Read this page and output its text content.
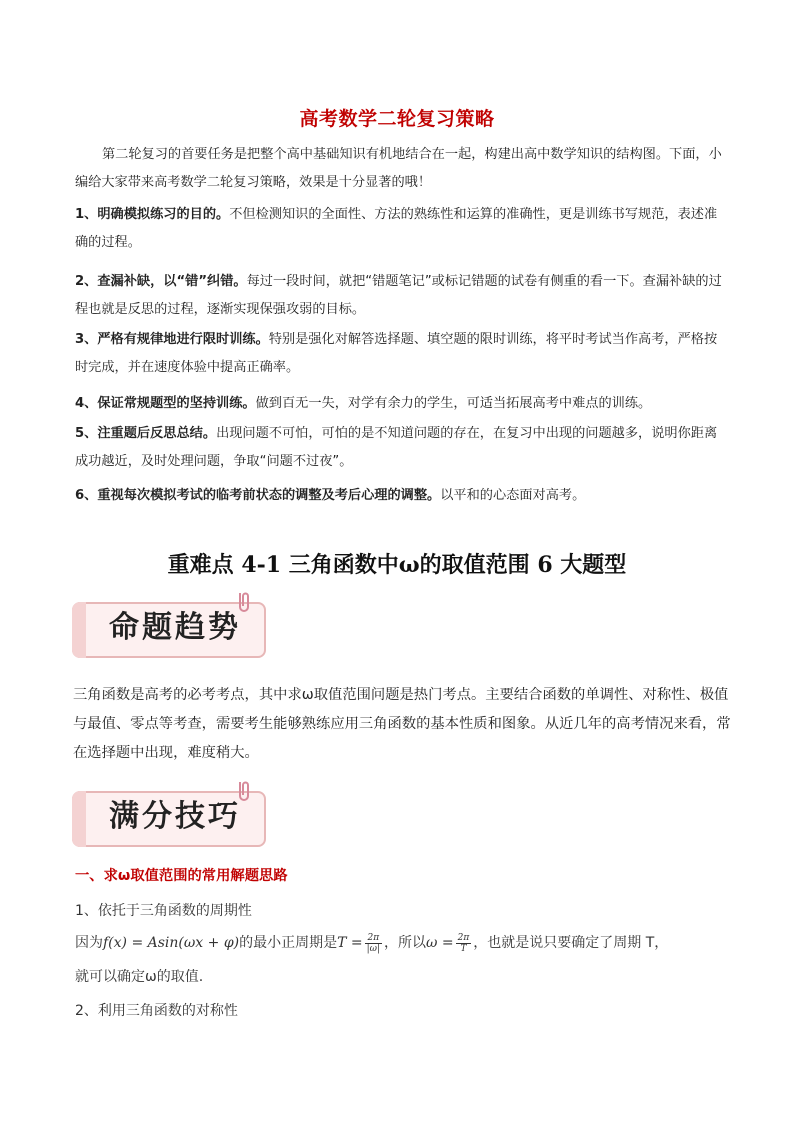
高考数学二轮复习策略
第二轮复习的首要任务是把整个高中基础知识有机地结合在一起，构建出高中数学知识的结构图。下面，小编给大家带来高考数学二轮复习策略，效果是十分显著的哦！
1、明确模拟练习的目的。不但检测知识的全面性、方法的熟练性和运算的准确性，更是训练书写规范，表述准确的过程。
2、查漏补缺，以“错”纠错。每过一段时间，就把“错题笔记”或标记错题的试卷有侧重的看一下。查漏补缺的过程也就是反思的过程，逐渐实现保强攻弱的目标。
3、严格有规律地进行限时训练。特别是强化对解答选择题、填空题的限时训练，将平时考试当作高考，严格按时完成，并在速度体验中提高正确率。
4、保证常规题型的坚持训练。做到百无一失，对学有余力的学生，可适当拓展高考中难点的训练。
5、注重题后反思总结。出现问题不可怕，可怕的是不知道问题的存在，在复习中出现的问题越多，说明你距离成功越近，及时处理问题，争取“问题不过夜”。
6、重视每次模拟考试的临考前状态的调整及考后心理的调整。以平和的心态面对高考。
重难点 4-1 三角函数中ω的取值范围 6 大题型
命题趋势
三角函数是高考的必考考点，其中求ω取值范围问题是热门考点。主要结合函数的单调性、对称性、极值与最值、零点等考查，需要考生能够熟练应用三角函数的基本性质和图象。从近几年的高考情况来看，常在选择题中出现，难度稍大。
满分技巧
一、求ω取值范围的常用解题思路
1、依托于三角函数的周期性
因为f(x) = Asin(ωx + φ)的最小正周期是$T = \frac{2\pi}{|\omega|}$ ，所以$\omega = \frac{2\pi}{T}$ ，也就是说只要确定了周期 T，
就可以确定ω的取值.
2、利用三角函数的对称性
